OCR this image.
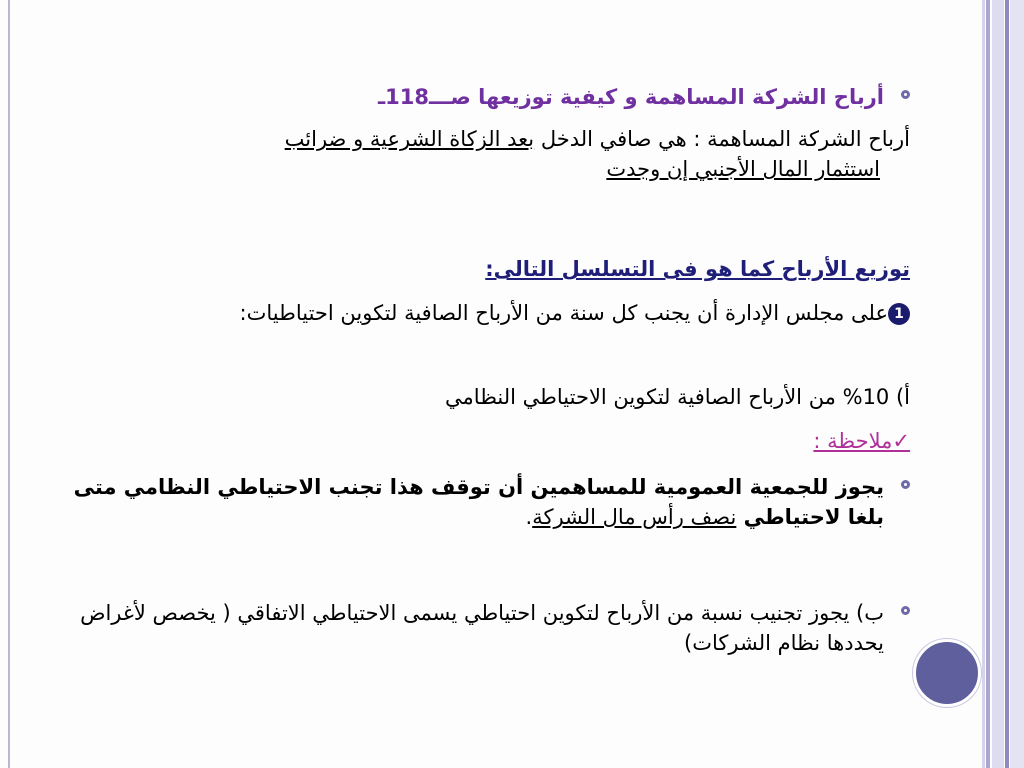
أرباح الشركة المساهمة و كيفية توزيعها صـــ118ـ
أرباح الشركة المساهمة : هي صافي الدخل بعد الزكاة الشرعية و ضرائب
استثمار المال الأجنبي إن وجدت
توزيع الأرباح كما هو فى التسلسل التالى:
1على مجلس الإدارة أن يجنب كل سنة من الأرباح الصافية لتكوين احتياطيات:
أ) 10% من الأرباح الصافية لتكوين الاحتياطي النظامي
✓ملاحظة :
يجوز للجمعية العمومية للمساهمين أن توقف هذا تجنب الاحتياطي النظامي متى بلغا لاحتياطي نصف رأس مال الشركة.
ب) يجوز تجنيب نسبة من الأرباح لتكوين احتياطي يسمى الاحتياطي الاتفاقي ( يخصص لأغراض يحددها نظام الشركات)
